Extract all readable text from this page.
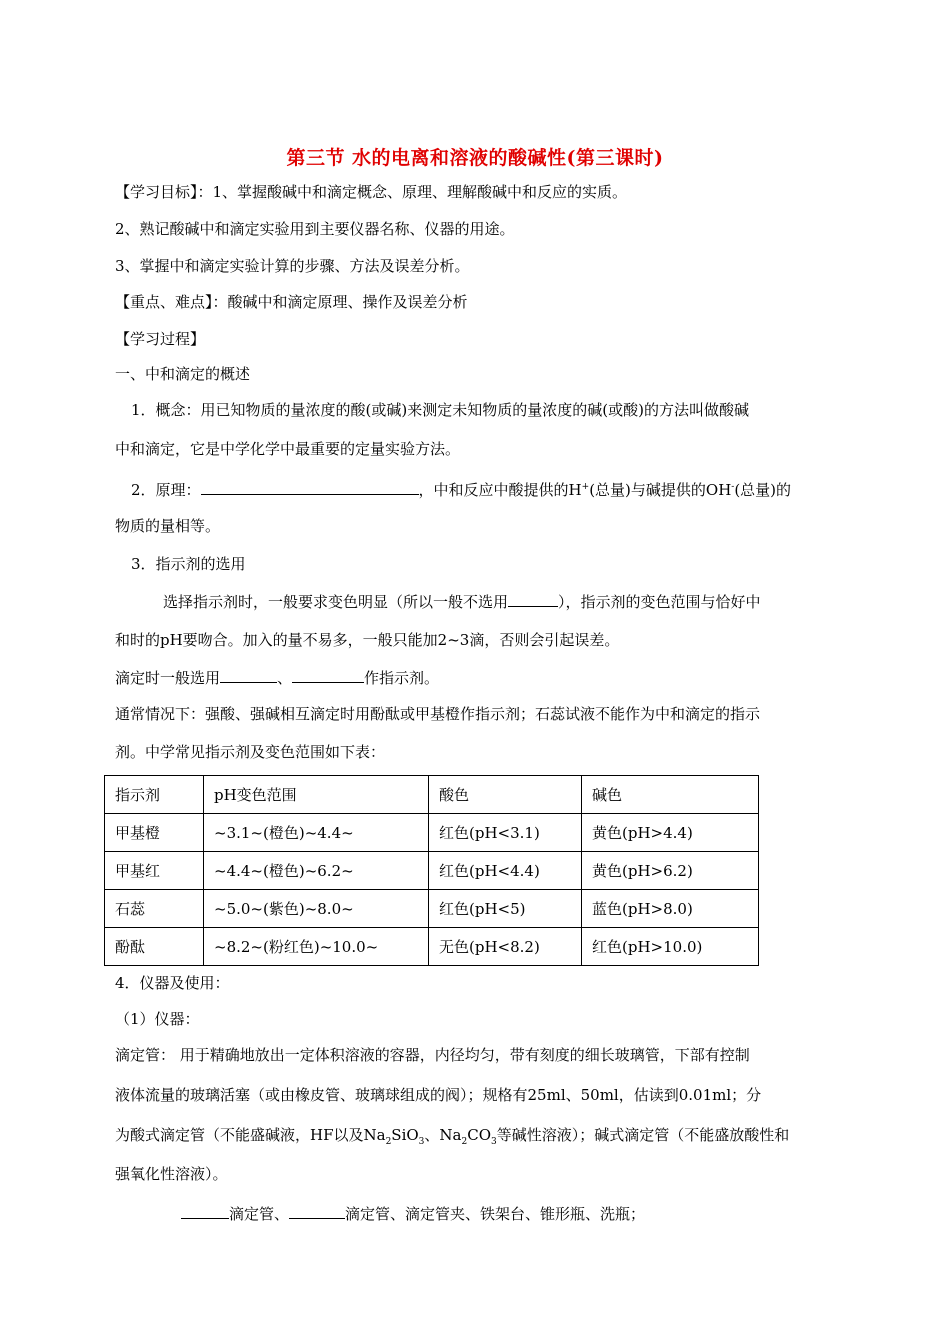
第三节 水的电离和溶液的酸碱性(第三课时)
【学习目标】：1、掌握酸碱中和滴定概念、原理、理解酸碱中和反应的实质。
2、熟记酸碱中和滴定实验用到主要仪器名称、仪器的用途。
3、掌握中和滴定实验计算的步骤、方法及误差分析。
【重点、难点】：酸碱中和滴定原理、操作及误差分析
【学习过程】
一、中和滴定的概述
1．概念：用已知物质的量浓度的酸(或碱)来测定未知物质的量浓度的碱(或酸)的方法叫做酸碱
中和滴定，它是中学化学中最重要的定量实验方法。
2．原理：	，中和反应中酸提供的H+(总量)与碱提供的OH-(总量)的
物质的量相等。
3．指示剂的选用
选择指示剂时，一般要求变色明显（所以一般不选用	），指示剂的变色范围与恰好中
和时的pH要吻合。加入的量不易多，一般只能加2~3滴，否则会引起误差。
滴定时一般选用	、	作指示剂。
通常情况下：强酸、强碱相互滴定时用酚酞或甲基橙作指示剂；石蕊试液不能作为中和滴定的指示
剂。中学常见指示剂及变色范围如下表：
指示剂	pH变色范围	酸色	碱色
甲基橙	~3.1~(橙色)~4.4~	红色(pH<3.1)	黄色(pH>4.4)
甲基红	~4.4~(橙色)~6.2~	红色(pH<4.4)	黄色(pH>6.2)
石蕊	~5.0~(紫色)~8.0~	红色(pH<5)	蓝色(pH>8.0)
酚酞	~8.2~(粉红色)~10.0~	无色(pH<8.2)	红色(pH>10.0)
4．仪器及使用：
（1）仪器：
滴定管： 用于精确地放出一定体积溶液的容器，内径均匀，带有刻度的细长玻璃管，下部有控制
液体流量的玻璃活塞（或由橡皮管、玻璃球组成的阀）；规格有25ml、50ml，估读到0.01ml；分
为酸式滴定管（不能盛碱液，HF以及$Na_2SiO_3$、$Na_2CO_3$等碱性溶液）；碱式滴定管（不能盛放酸性和
强氧化性溶液）。
滴定管、	滴定管、滴定管夹、铁架台、锥形瓶、洗瓶；
